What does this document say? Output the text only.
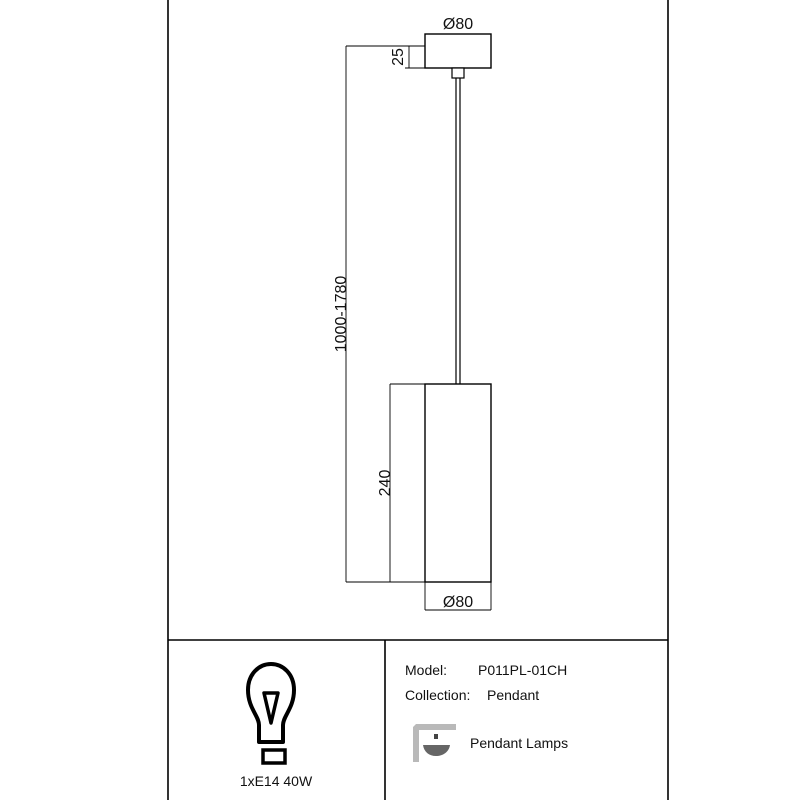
Ø80
25
1000-1780
240
Ø80
1xE14 40W
Model: P011PL-01CH
Collection: Pendant
Pendant Lamps
